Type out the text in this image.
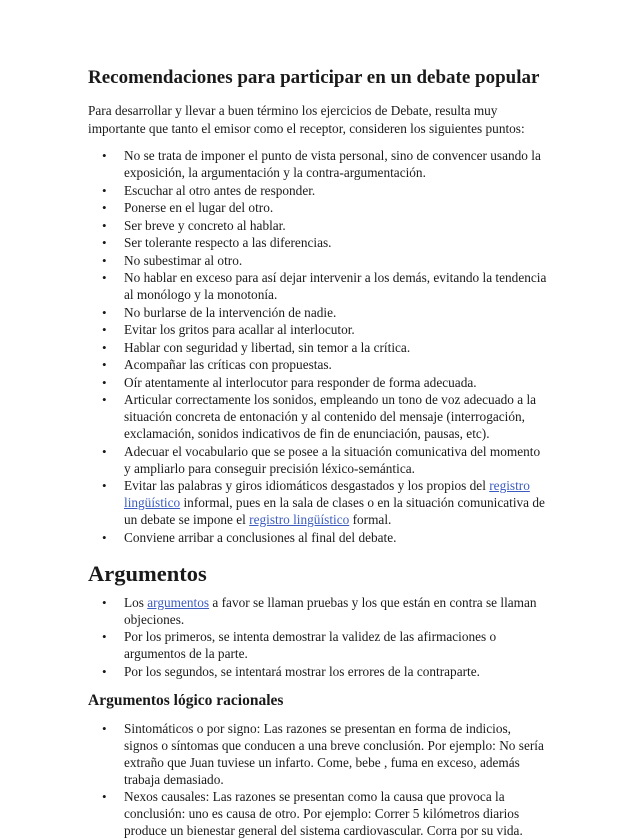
Recomendaciones para participar en un debate popular

Para desarrollar y llevar a buen término los ejercicios de Debate, resulta muy importante que tanto el emisor como el receptor, consideren los siguientes puntos:

• No se trata de imponer el punto de vista personal, sino de convencer usando la exposición, la argumentación y la contra-argumentación.
• Escuchar al otro antes de responder.
• Ponerse en el lugar del otro.
• Ser breve y concreto al hablar.
• Ser tolerante respecto a las diferencias.
• No subestimar al otro.
• No hablar en exceso para así dejar intervenir a los demás, evitando la tendencia al monólogo y la monotonía.
• No burlarse de la intervención de nadie.
• Evitar los gritos para acallar al interlocutor.
• Hablar con seguridad y libertad, sin temor a la crítica.
• Acompañar las críticas con propuestas.
• Oír atentamente al interlocutor para responder de forma adecuada.
• Articular correctamente los sonidos, empleando un tono de voz adecuado a la situación concreta de entonación y al contenido del mensaje (interrogación, exclamación, sonidos indicativos de fin de enunciación, pausas, etc).
• Adecuar el vocabulario que se posee a la situación comunicativa del momento y ampliarlo para conseguir precisión léxico-semántica.
• Evitar las palabras y giros idiomáticos desgastados y los propios del registro lingüístico informal, pues en la sala de clases o en la situación comunicativa de un debate se impone el registro lingüístico formal.
• Conviene arribar a conclusiones al final del debate.
Argumentos
• Los argumentos a favor se llaman pruebas y los que están en contra se llaman objeciones.
• Por los primeros, se intenta demostrar la validez de las afirmaciones o argumentos de la parte.
• Por los segundos, se intentará mostrar los errores de la contraparte.
Argumentos lógico racionales
• Sintomáticos o por signo: Las razones se presentan en forma de indicios, signos o síntomas que conducen a una breve conclusión. Por ejemplo: No sería extraño que Juan tuviese un infarto. Come, bebe , fuma en exceso, además trabaja demasiado.
• Nexos causales: Las razones se presentan como la causa que provoca la conclusión: uno es causa de otro. Por ejemplo: Correr 5 kilómetros diarios produce un bienestar general del sistema cardiovascular. Corra por su vida.
